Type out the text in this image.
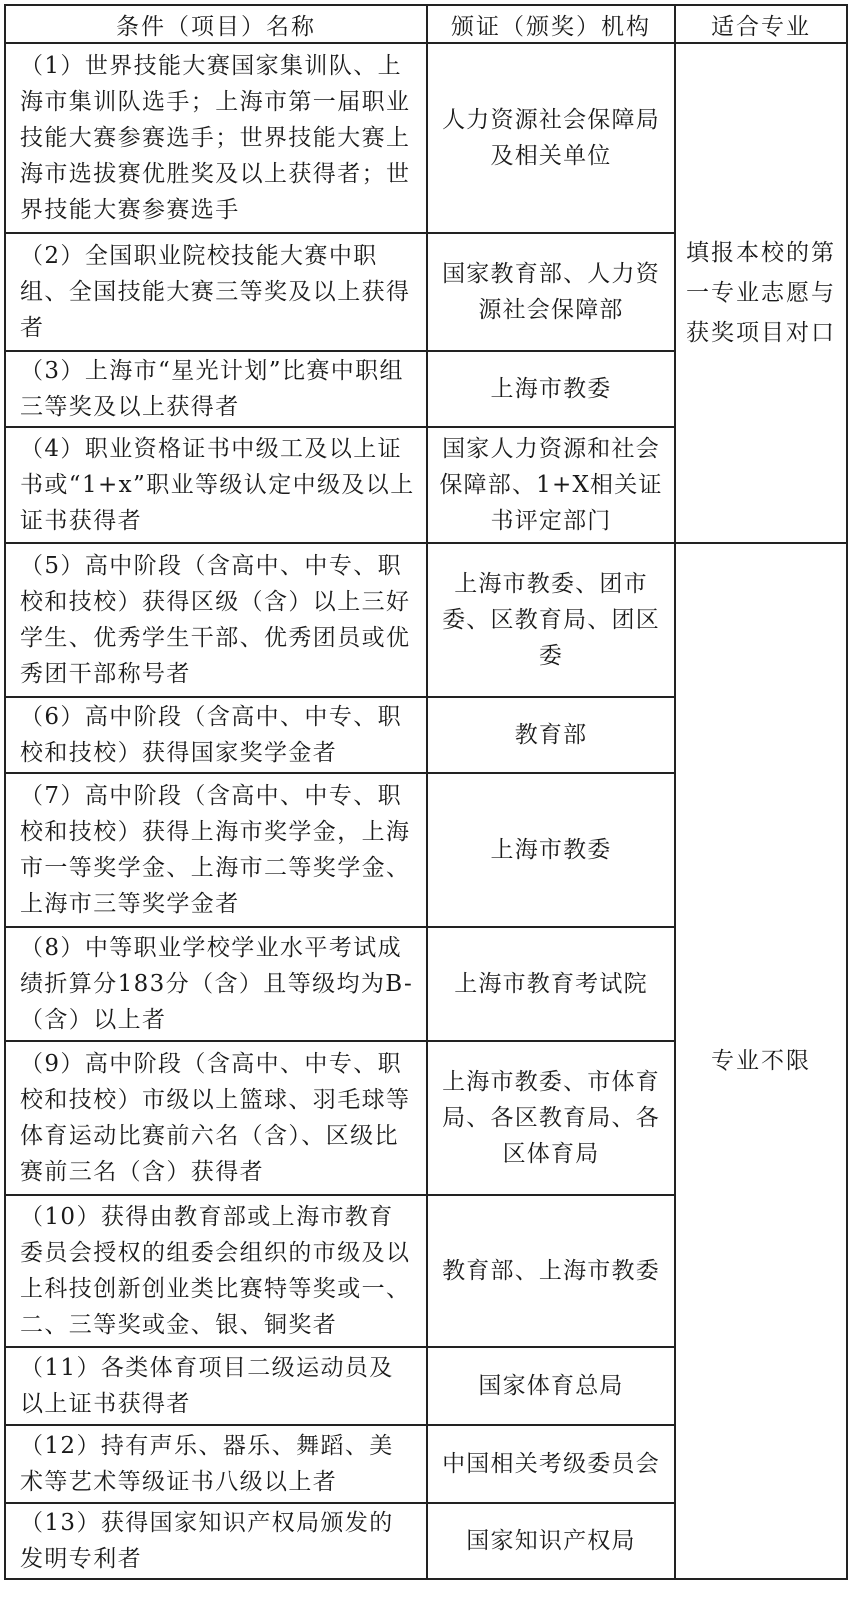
条件（项目）名称	颁证（颁奖）机构	适合专业
（1）世界技能大赛国家集训队、上海市集训队选手；上海市第一届职业技能大赛参赛选手；世界技能大赛上海市选拔赛优胜奖及以上获得者；世界技能大赛参赛选手	人力资源社会保障局及相关单位	填报本校的第一专业志愿与获奖项目对口
（2）全国职业院校技能大赛中职组、全国技能大赛三等奖及以上获得者	国家教育部、人力资源社会保障部	
（3）上海市“星光计划”比赛中职组三等奖及以上获得者	上海市教委	
（4）职业资格证书中级工及以上证书或“1+x”职业等级认定中级及以上证书获得者	国家人力资源和社会保障部、1+X相关证书评定部门	
（5）高中阶段（含高中、中专、职校和技校）获得区级（含）以上三好学生、优秀学生干部、优秀团员或优秀团干部称号者	上海市教委、团市委、区教育局、团区委	专业不限
（6）高中阶段（含高中、中专、职校和技校）获得国家奖学金者	教育部	
（7）高中阶段（含高中、中专、职校和技校）获得上海市奖学金，上海市一等奖学金、上海市二等奖学金、上海市三等奖学金者	上海市教委	
（8）中等职业学校学业水平考试成绩折算分183分（含）且等级均为B-（含）以上者	上海市教育考试院	
（9）高中阶段（含高中、中专、职校和技校）市级以上篮球、羽毛球等体育运动比赛前六名（含）、区级比赛前三名（含）获得者	上海市教委、市体育局、各区教育局、各区体育局	
（10）获得由教育部或上海市教育委员会授权的组委会组织的市级及以上科技创新创业类比赛特等奖或一、二、三等奖或金、银、铜奖者	教育部、上海市教委	
（11）各类体育项目二级运动员及以上证书获得者	国家体育总局	
（12）持有声乐、器乐、舞蹈、美术等艺术等级证书八级以上者	中国相关考级委员会	
（13）获得国家知识产权局颁发的发明专利者	国家知识产权局	
